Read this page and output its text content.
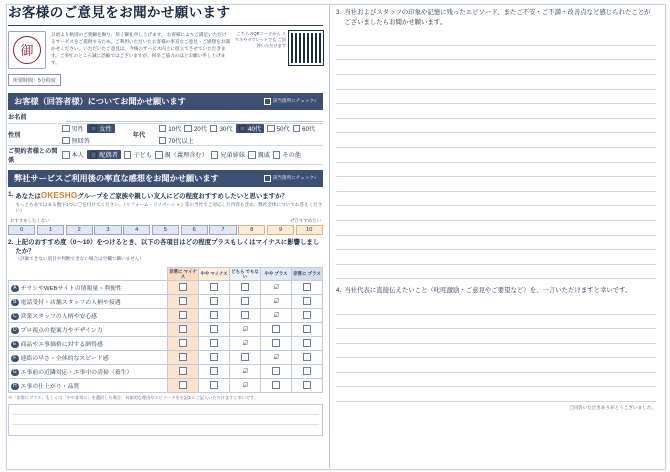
お客様のご意見をお聞かせ願います
御
日頃より格別のご愛顧を賜り、厚く御礼申し上げます。 お客様によりご満足いただけるサービスをご提供するため、ご利用いただいたお客様の率直なご意見・ご感想をお聞かせください。いただいたご意見は、今後のサービス向上に役立てさせていただきます。ご多忙のところ誠に恐縮ではございますが、何卒ご協力のほどお願い申し上げます。
こちらのQRコードから スマホやタブレットでも ご回答いただけます
所要時間：5分程度
お客様（回答者様）についてお聞かせ願います	該当箇所にチェック✓
お名前
性別
男性	女性
無回答
年代
10代 20代 30代	40代	50代 60代
70代以上
ご契約者様との関係
本人	配偶者	子ども 親（義理含む） 兄弟姉妹 親戚 その他
弊社サービスご利用後の率直な感想をお聞かせ願います	該当箇所にチェック✓
1. あなたはOKESHOグループをご家族や親しい友人にどの程度おすすめしたいと思いますか？
もっともあてはまる数字1つに◯を付けてください。（リフォーム・リノベーション等の当社でご対応した内容も含め、弊社全体についてお答えください）
おすすめしたくない	ぜひすすめたい
0	1	2	3	4	5	6	7	8	9	10
2. 上記のおすすめ度（0～10）をつけるとき、以下の各項目はどの程度プラスもしくはマイナスに影響しましたか？
（評価できない項目や判断できない場合は空欄で構いません）
	非常に マイナス	やや マイナス	どちら でもない	やや プラス	非常に プラス
A チラシやWEBサイトの情報量・利便性				☑	
B 電話受付・店舗スタッフの人柄や接遇				☑	
C 営業スタッフの人柄や安心感				☑	
D プロ視点の提案力やデザイン力			☑		
E 商品やエ事価格に対する納得感			☑		
F 連絡の早さ・全体的なスピード感				☑	
G エ事前の近隣対応・エ事中の清掃（養生）			☑		
H エ事の仕上がり・品質			☑		
※「非常にプラス」もしくは「やや非常に」を選択した場合、具体的な理由やエピソードを右記3.にご記入いただけますと幸いです。
3. 当社およびスタッフの印象や記憶に残ったエピソード、またご不安・ご不満・改善点など感じられたことがございましたらお聞かせ願います。
4. 当社代表に直接伝えたいこと（叱咤激励・ご意見やご要望など）を、一言いただけますと幸いです。
ご回答いただきありがとうございました。
